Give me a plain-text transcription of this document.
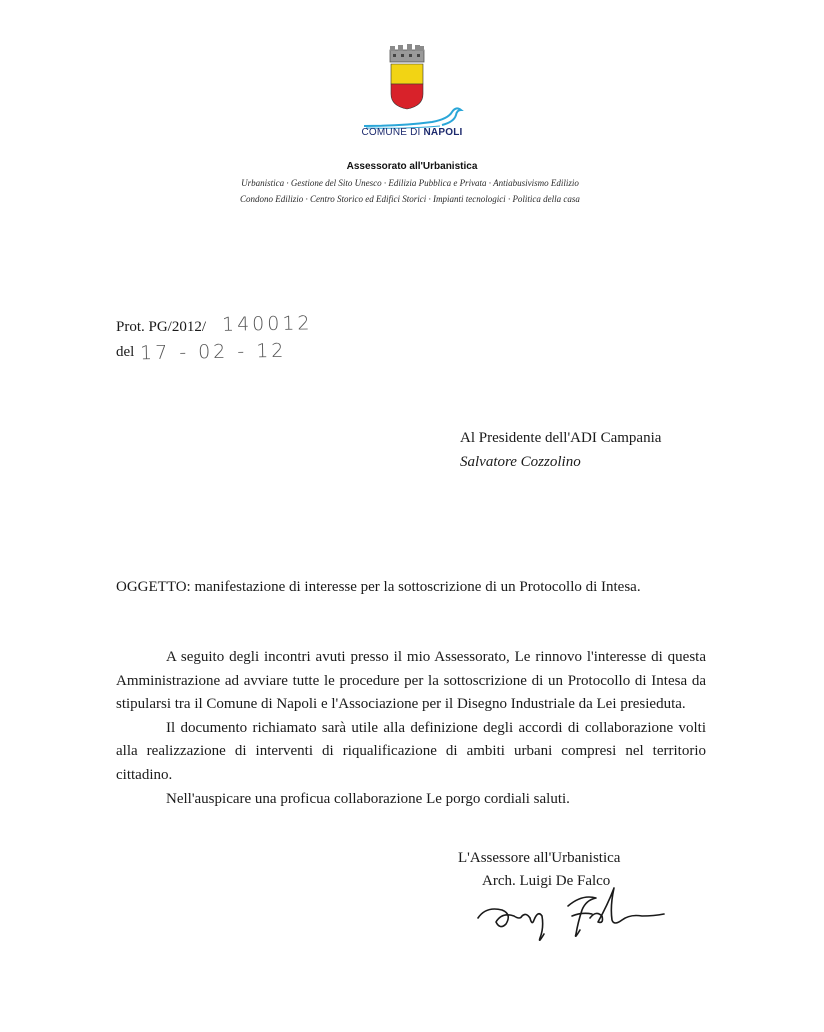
COMUNE DI NAPOLI
Assessorato all'Urbanistica
Urbanistica · Gestione del Sito Unesco · Edilizia Pubblica e Privata · Antiabusivismo Edilizio
Condono Edilizio · Centro Storico ed Edifici Storici · Impianti tecnologici · Politica della casa
Prot. PG/2012/ 140012
del 17 - 02 - 12
Al Presidente dell'ADI Campania
Salvatore Cozzolino
OGGETTO: manifestazione di interesse per la sottoscrizione di un Protocollo di Intesa.

A seguito degli incontri avuti presso il mio Assessorato, Le rinnovo l'interesse di questa Amministrazione ad avviare tutte le procedure per la sottoscrizione di un Protocollo di Intesa da stipularsi tra il Comune di Napoli e l'Associazione per il Disegno Industriale da Lei presieduta.

Il documento richiamato sarà utile alla definizione degli accordi di collaborazione volti alla realizzazione di interventi di riqualificazione di ambiti urbani compresi nel territorio cittadino.

Nell'auspicare una proficua collaborazione Le porgo cordiali saluti.

L'Assessore all'Urbanistica
Arch. Luigi De Falco
